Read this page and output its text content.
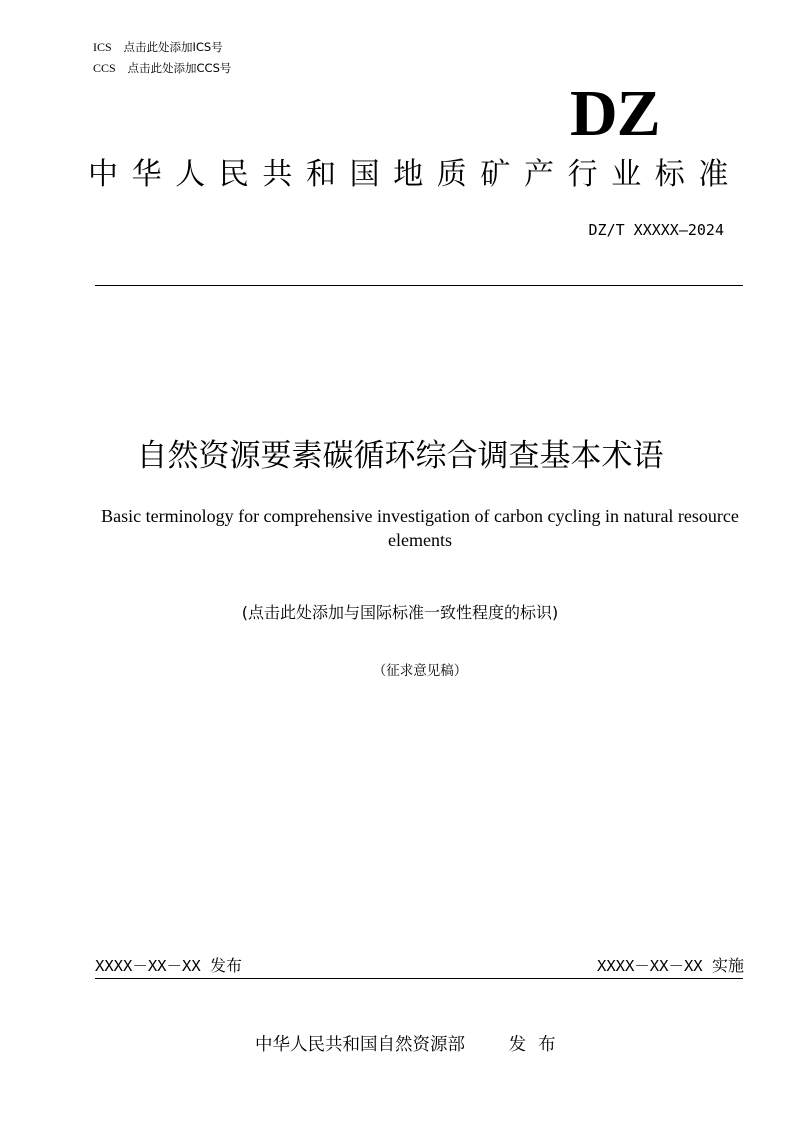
ICS 点击此处添加ICS号
CCS 点击此处添加CCS号
DZ
中华人民共和国地质矿产行业标准
DZ/T XXXXX—2024
自然资源要素碳循环综合调查基本术语
Basic terminology for comprehensive investigation of carbon cycling in natural resource elements
(点击此处添加与国际标准一致性程度的标识)
（征求意见稿）
XXXX－XX－XX 发布	XXXX－XX－XX 实施
中华人民共和国自然资源部 发布
